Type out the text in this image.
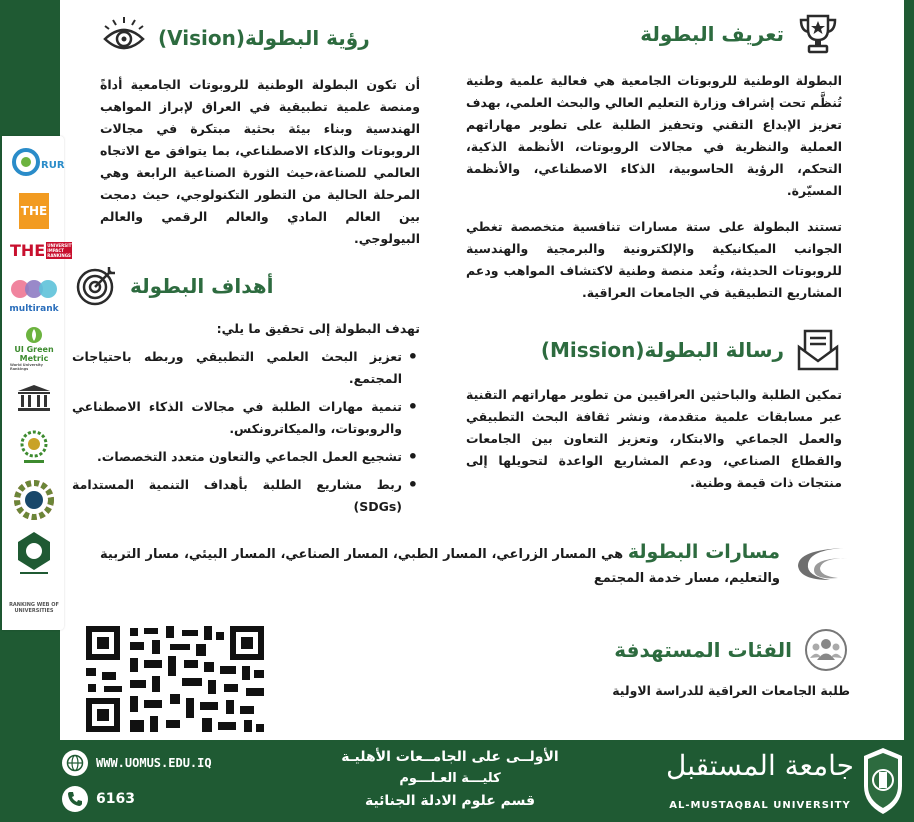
RUR
THE
THE UNIVERSITY IMPACT RANKINGS
multirank
UI Green Metric
World University Rankings
RANKING WEB OF UNIVERSITIES
رؤية البطولة(Vision)
أن تكون البطولة الوطنية للروبوتات الجامعية أداةً ومنصة علمية تطبيقية في العراق لإبراز المواهب الهندسية وبناء بيئة بحثية مبتكرة في مجالات الروبوتات والذكاء الاصطناعي، بما يتوافق مع الاتجاه العالمي للصناعة،حيث الثورة الصناعية الرابعة وهي المرحلة الحالية من التطور التكنولوجي، حيث دمجت بين العالم المادي والعالم الرقمي والعالم البيولوجي.
تعريف البطولة
البطولة الوطنية للروبوتات الجامعية هي فعالية علمية وطنية تُنظَّم تحت إشراف وزارة التعليم العالي والبحث العلمي، بهدف تعزيز الإبداع التقني وتحفيز الطلبة على تطوير مهاراتهم العملية والنظرية في مجالات الروبوتات، الأنظمة الذكية، التحكم، الرؤية الحاسوبية، الذكاء الاصطناعي، والأنظمة المسيّرة.
تستند البطولة على ستة مسارات تنافسية متخصصة تغطي الجوانب الميكانيكية والإلكترونية والبرمجية والهندسية للروبوتات الحديثة، وتُعد منصة وطنية لاكتشاف المواهب ودعم المشاريع التطبيقية في الجامعات العراقية.
أهداف البطولة
تهدف البطولة إلى تحقيق ما يلي:
• تعزيز البحث العلمي التطبيقي وربطه باحتياجات المجتمع.
• تنمية مهارات الطلبة في مجالات الذكاء الاصطناعي والروبوتات، والميكاترونكس.
• تشجيع العمل الجماعي والتعاون متعدد التخصصات.
• ربط مشاريع الطلبة بأهداف التنمية المستدامة (SDGs)
رسالة البطولة(Mission)
تمكين الطلبة والباحثين العراقيين من تطوير مهاراتهم التقنية عبر مسابقات علمية متقدمة، ونشر ثقافة البحث التطبيقي والعمل الجماعي والابتكار، وتعزيز التعاون بين الجامعات والقطاع الصناعي، ودعم المشاريع الواعدة لتحويلها إلى منتجات ذات قيمة وطنية.
مسارات البطولة هي المسار الزراعي، المسار الطبي، المسار الصناعي، المسار البيئي، مسار التربية والتعليم، مسار خدمة المجتمع
الفئات المستهدفة
طلبة الجامعات العراقية للدراسة الاولية
WWW.UOMUS.EDU.IQ
6163
الأولــى على الجامــعات الأهليـة
كليـــة العـلـــوم
قسم علوم الادلة الجنائية
جامعة المستقبل
AL-MUSTAQBAL UNIVERSITY
